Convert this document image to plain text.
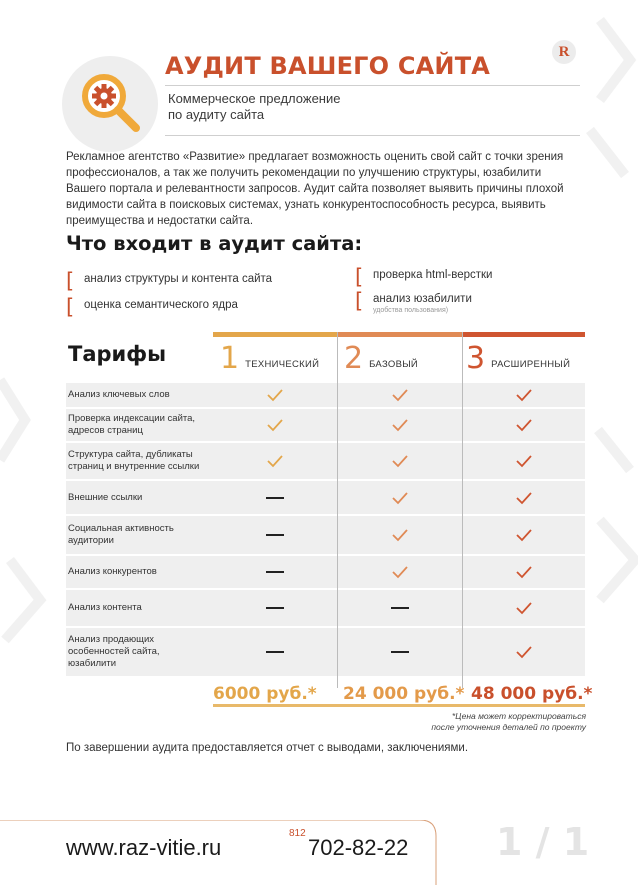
АУДИТ ВАШЕГО САЙТА
Коммерческое предложение
по аудиту сайта
R

Рекламное агентство «Развитие» предлагает возможность оценить свой сайт с точки зрения

профессионалов, а так же получить рекомендации по улучшению структуры, юзабилити

Вашего портала и релевантности запросов. Аудит сайта позволяет выявить причины плохой

видимости сайта в поисковых системах, узнать конкурентоспособность ресурса, выявить

преимущества и недостатки сайта.

Что входит в аудит сайта:
[ анализ структуры и контента сайта
[ оценка семантического ядра
[ проверка html-верстки
[ анализ юзабилити
удобства пользования)
Тарифы 1 ТЕХНИЧЕСКИЙ 2 БАЗОВЫЙ 3 РАСШИРЕННЫЙ
Анализ ключевых слов
Проверка индексации сайта,
адресов страниц
Структура сайта, дубликаты
страниц и внутренние ссылки
Внешние ссылки
Социальная активность
аудитории
Анализ конкурентов
Анализ контента
Анализ продающих
особенностей сайта,
юзабилити
6000 руб.* 24 000 руб.* 48 000 руб.*
*Цена может корректироваться
после уточнения деталей по проекту
По завершении аудита предоставляется отчет с выводами, заключениями.
www.raz-vitie.ru
812
702-82-22 1 / 1
